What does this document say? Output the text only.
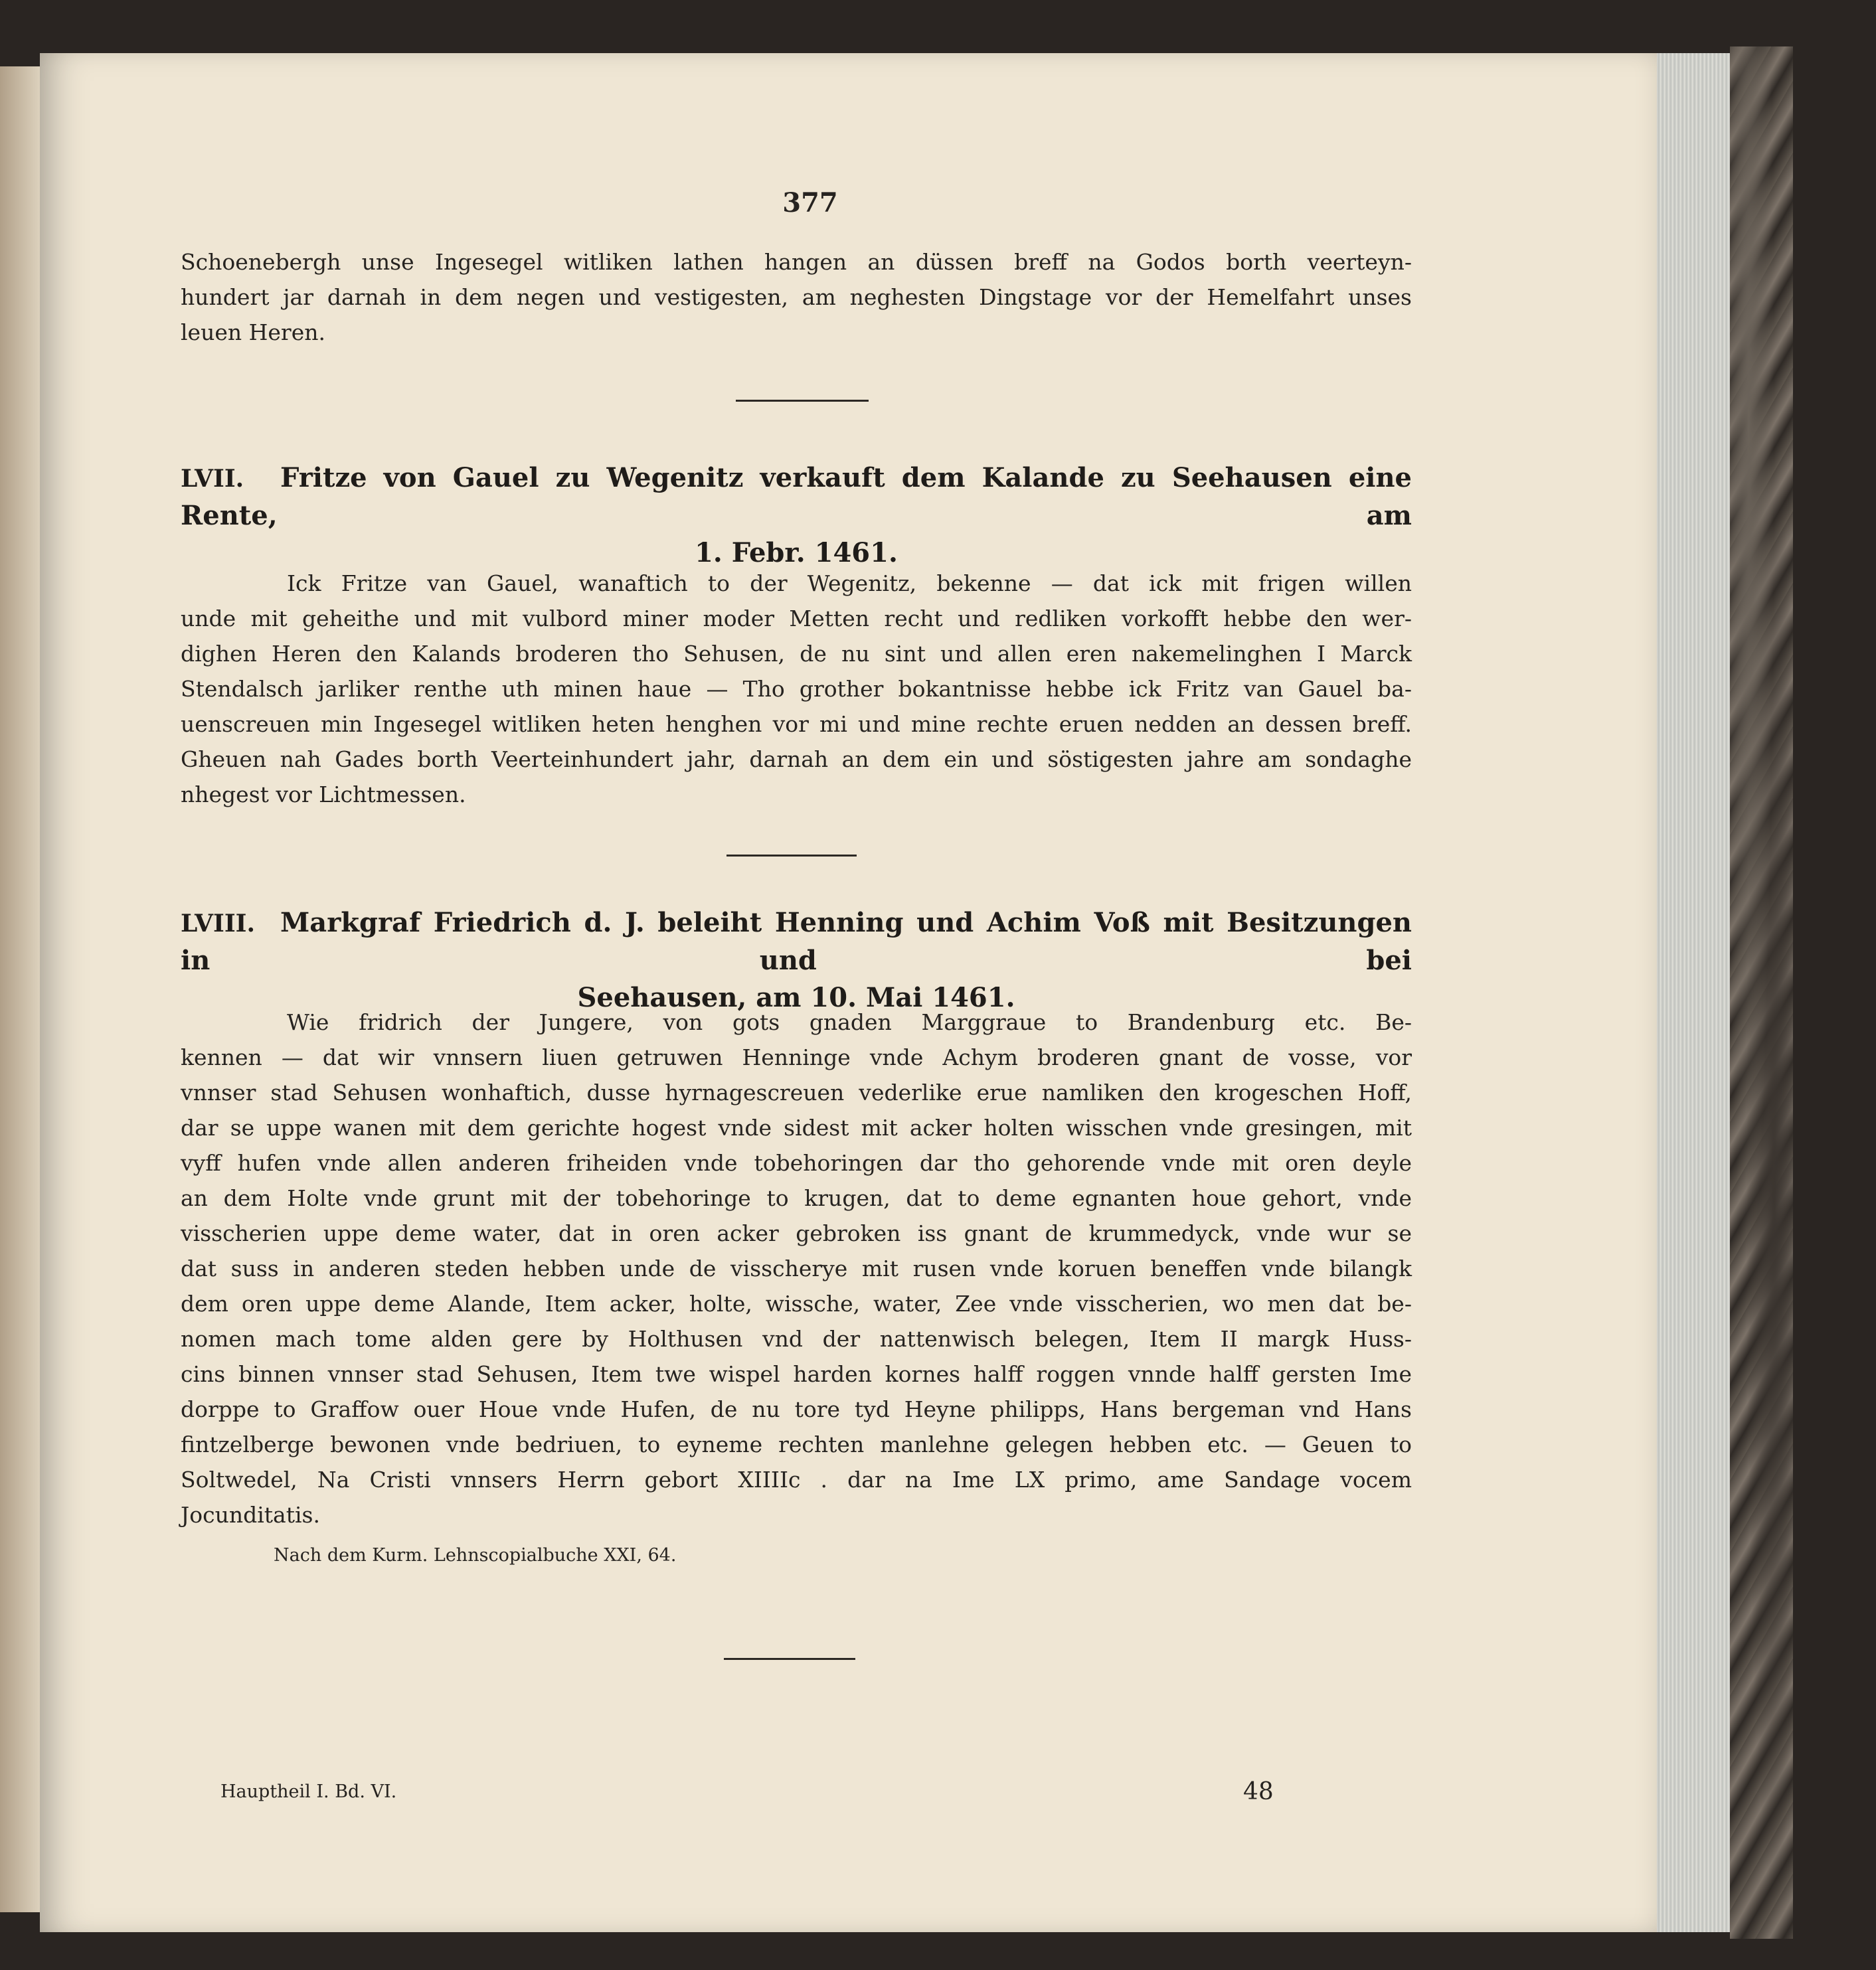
377
Schoenebergh unse Ingesegel witliken lathen hangen an düssen breff na Godos borth veerteyn-
hundert jar darnah in dem negen und vestigesten, am neghesten Dingstage vor der Hemelfahrt unses
leuen Heren.
LVII. Fritze von Gauel zu Wegenitz verkauft dem Kalande zu Seehausen eine Rente, am
1. Febr. 1461.
Ick Fritze van Gauel, wanaftich to der Wegenitz, bekenne — dat ick mit frigen willen
unde mit geheithe und mit vulbord miner moder Metten recht und redliken vorkofft hebbe den wer-
dighen Heren den Kalands broderen tho Sehusen, de nu sint und allen eren nakemelinghen I Marck
Stendalsch jarliker renthe uth minen haue — Tho grother bokantnisse hebbe ick Fritz van Gauel ba-
uenscreuen min Ingesegel witliken heten henghen vor mi und mine rechte eruen nedden an dessen breff.
Gheuen nah Gades borth Veerteinhundert jahr, darnah an dem ein und söstigesten jahre am sondaghe
nhegest vor Lichtmessen.
LVIII. Markgraf Friedrich d. J. beleiht Henning und Achim Voß mit Besitzungen in und bei
Seehausen, am 10. Mai 1461.
Wie fridrich der Jungere, von gots gnaden Marggraue to Brandenburg etc. Be-
kennen — dat wir vnnsern liuen getruwen Henninge vnde Achym broderen gnant de vosse, vor
vnnser stad Sehusen wonhaftich, dusse hyrnagescreuen vederlike erue namliken den krogeschen Hoff,
dar se uppe wanen mit dem gerichte hogest vnde sidest mit acker holten wisschen vnde gresingen, mit
vyff hufen vnde allen anderen friheiden vnde tobehoringen dar tho gehorende vnde mit oren deyle
an dem Holte vnde grunt mit der tobehoringe to krugen, dat to deme egnanten houe gehort, vnde
visscherien uppe deme water, dat in oren acker gebroken iss gnant de krummedyck, vnde wur se
dat suss in anderen steden hebben unde de visscherye mit rusen vnde koruen beneffen vnde bilangk
dem oren uppe deme Alande, Item acker, holte, wissche, water, Zee vnde visscherien, wo men dat be-
nomen mach tome alden gere by Holthusen vnd der nattenwisch belegen, Item II margk Huss-
cins binnen vnnser stad Sehusen, Item twe wispel harden kornes halff roggen vnnde halff gersten Ime
dorppe to Graffow ouer Houe vnde Hufen, de nu tore tyd Heyne philipps, Hans bergeman vnd Hans
fintzelberge bewonen vnde bedriuen, to eyneme rechten manlehne gelegen hebben etc. — Geuen to
Soltwedel, Na Cristi vnnsers Herrn gebort XIIIIc . dar na Ime LX primo, ame Sandage vocem
Jocunditatis.
Nach dem Kurm. Lehnscopialbuche XXI, 64.
Hauptheil I. Bd. VI.	48
